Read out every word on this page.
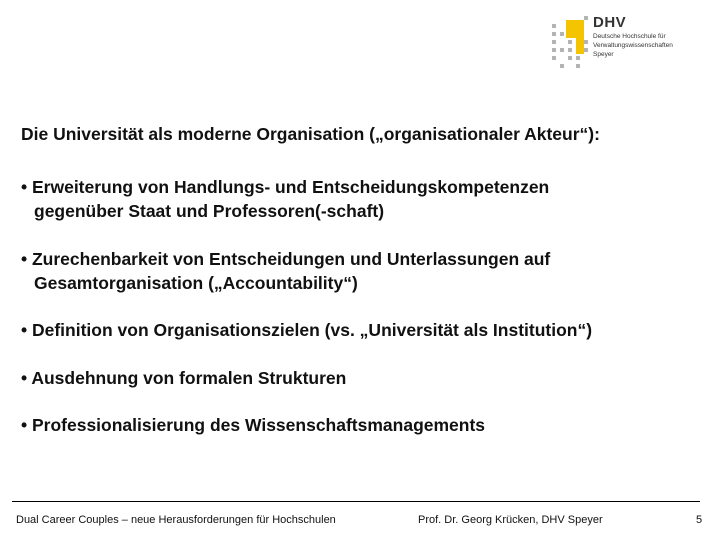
DHV
Deutsche Hochschule für
Verwaltungswissenschaften
Speyer
Die Universität als moderne Organisation („organisationaler Akteur“):
• Erweiterung von Handlungs- und Entscheidungskompetenzen
gegenüber Staat und Professoren(-schaft)
• Zurechenbarkeit von Entscheidungen und Unterlassungen auf
Gesamtorganisation („Accountability“)
• Definition von Organisationszielen (vs. „Universität als Institution“)
• Ausdehnung von formalen Strukturen
• Professionalisierung des Wissenschaftsmanagements
Dual Career Couples – neue Herausforderungen für Hochschulen	Prof. Dr. Georg Krücken, DHV Speyer	5
